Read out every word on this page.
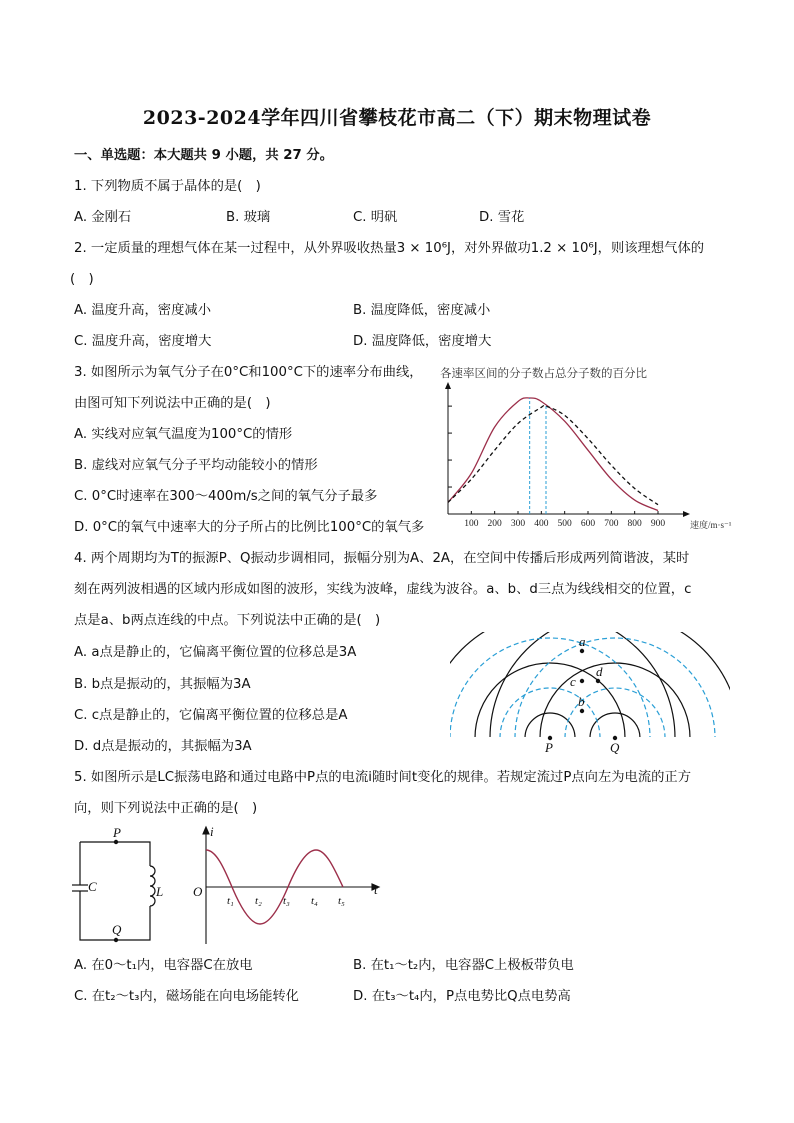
2023-2024学年四川省攀枝花市高二（下）期末物理试卷
一、单选题：本大题共 9 小题，共 27 分。
1. 下列物质不属于晶体的是(　)
A. 金刚石	B. 玻璃	C. 明矾	D. 雪花
2. 一定质量的理想气体在某一过程中，从外界吸收热量3 × 10⁶J，对外界做功1.2 × 10⁶J，则该理想气体的
(　)
A. 温度升高，密度减小	B. 温度降低，密度减小
C. 温度升高，密度增大	D. 温度降低，密度增大
3. 如图所示为氧气分子在0°C和100°C下的速率分布曲线，
由图可知下列说法中正确的是(　)
A. 实线对应氧气温度为100°C的情形
B. 虚线对应氧气分子平均动能较小的情形
C. 0°C时速率在300～400m/s之间的氧气分子最多
D. 0°C的氧气中速率大的分子所占的比例比100°C的氧气多
各速率区间的分子数占总分子数的百分比
100 200 300 400 500 600 700 800 900	速度/m·s⁻¹
4. 两个周期均为T的振源P、Q振动步调相同，振幅分别为A、2A，在空间中传播后形成两列简谐波，某时
刻在两列波相遇的区域内形成如图的波形，实线为波峰，虚线为波谷。a、b、d三点为线线相交的位置，c
点是a、b两点连线的中点。下列说法中正确的是(　)
A. a点是静止的，它偏离平衡位置的位移总是3A
B. b点是振动的，其振幅为3A
C. c点是静止的，它偏离平衡位置的位移总是A
D. d点是振动的，其振幅为3A
a
b
c
d
P	Q
5. 如图所示是LC振荡电路和通过电路中P点的电流i随时间t变化的规律。若规定流过P点向左为电流的正方
向，则下列说法中正确的是(　)
P
Q
C	L
i
t
O
t₁ t₂ t₃ t₄ t₅
A. 在0～t₁内，电容器C在放电	B. 在t₁～t₂内，电容器C上极板带负电
C. 在t₂～t₃内，磁场能在向电场能转化	D. 在t₃～t₄内，P点电势比Q点电势高
